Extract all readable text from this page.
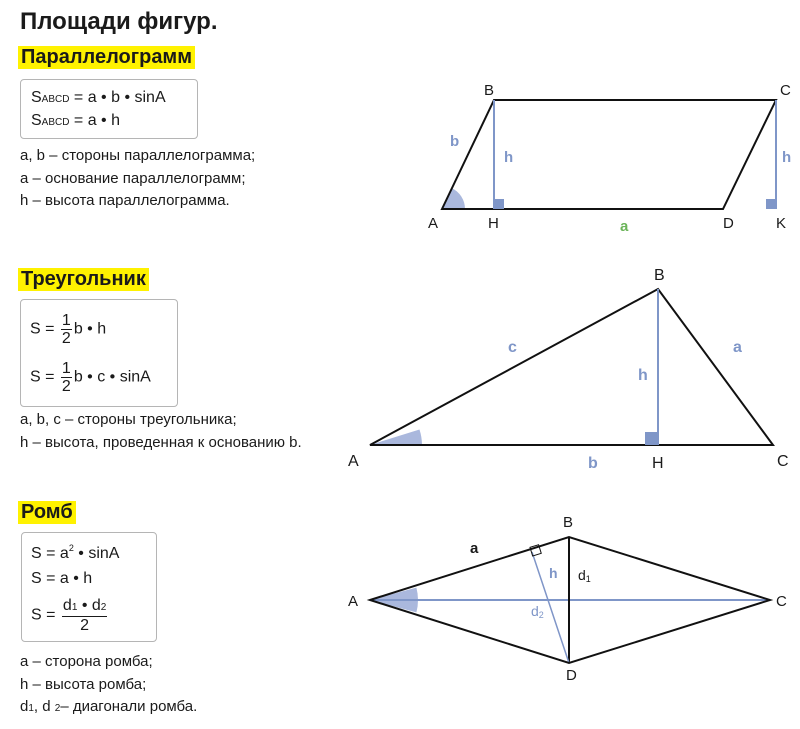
Площади фигур.
Параллелограмм
SABCD = a • b • sinA
SABCD = a • h
a, b – стороны параллелограмма;
a – основание параллелограмм;
h – высота параллелограмма.
A
B	C
D
H	K
a
b
h	h
A
B
C
H
c	a
b
h
A
B
C
D
a
h d1
d2
Треугольник
$S = \frac{1}{2}$ b • h
$S = \frac{1}{2}$ b • c • sinA
a, b, c – стороны треугольника;
h – высота, проведенная к основанию b.
Ромб
$S = a^2$ • sinA
S = a • h
$S = \frac{d1 • d2}{2}$
a – сторона ромба;
h – высота ромба;
d1, d 2– диагонали ромба.
